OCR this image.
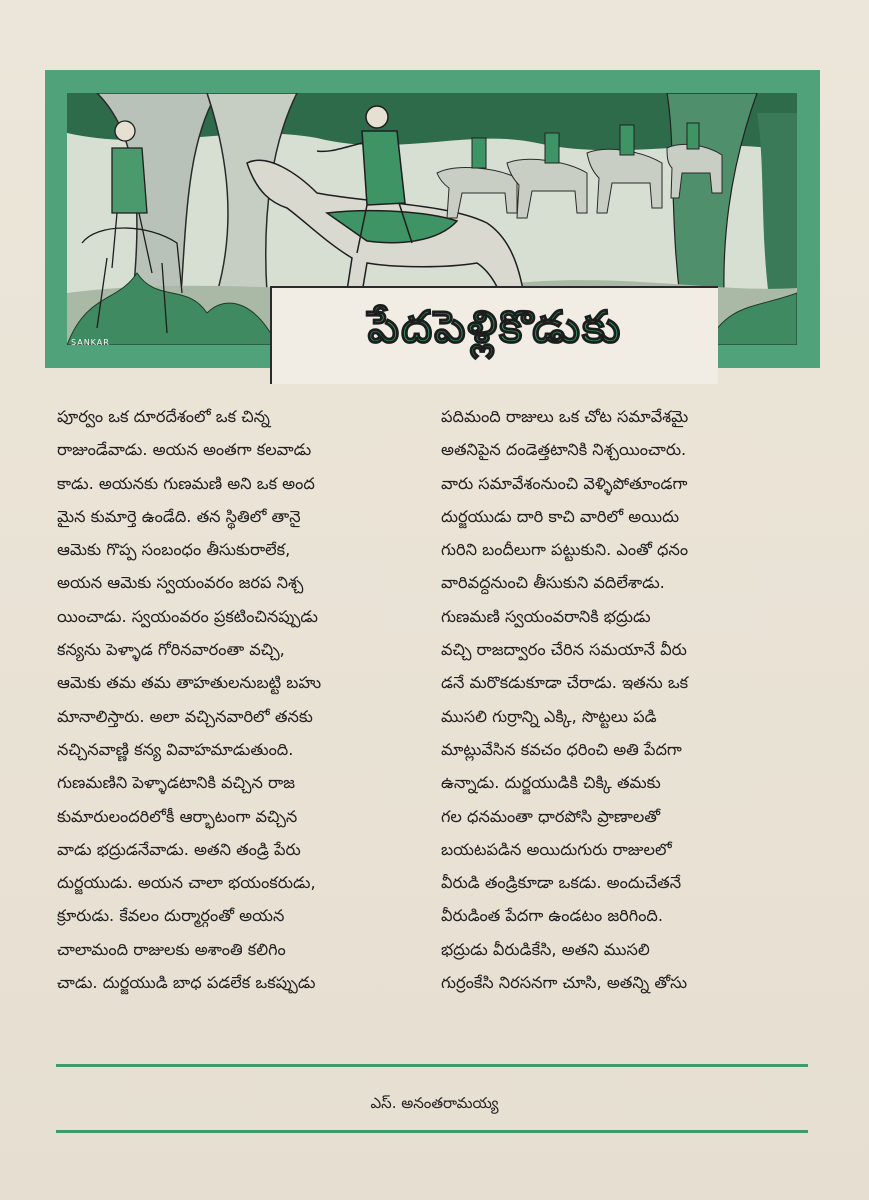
SANKAR	పేదపెళ్లికొడుకు

పూర్వం ఒక దూరదేశంలో ఒక చిన్న

రాజుండేవాడు. అయన అంతగా కలవాడు

కాడు. అయనకు గుణమణి అని ఒక అంద

మైన కుమార్తె ఉండేది. తన స్థితిలో తానై

ఆమెకు గొప్ప సంబంధం తీసుకురాలేక,

అయన ఆమెకు స్వయంవరం జరప నిశ్చ

యించాడు. స్వయంవరం ప్రకటించినప్పుడు

కన్యను పెళ్ళాడ గోరినవారంతా వచ్చి,

ఆమెకు తమ తమ తాహతులనుబట్టి బహు

మానాలిస్తారు. అలా వచ్చినవారిలో తనకు

నచ్చినవాణ్ణి కన్య వివాహమాడుతుంది.

గుణమణిని పెళ్ళాడటానికి వచ్చిన రాజ

కుమారులందరిలోకీ ఆర్భాటంగా వచ్చిన

వాడు భద్రుడనేవాడు. అతని తండ్రి పేరు

దుర్జయుడు. అయన చాలా భయంకరుడు,

క్రూరుడు. కేవలం దుర్మార్గంతో అయన

చాలామంది రాజులకు అశాంతి కలిగిం

చాడు. దుర్జయుడి బాధ పడలేక ఒకప్పుడు

పదిమంది రాజులు ఒక చోట సమావేశమై

అతనిపైన దండెత్తటానికి నిశ్చయించారు.

వారు సమావేశంనుంచి వెళ్ళిపోతూండగా

దుర్జయుడు దారి కాచి వారిలో అయిదు

గురిని బందీలుగా పట్టుకుని. ఎంతో ధనం

వారివద్దనుంచి తీసుకుని వదిలేశాడు.

గుణమణి స్వయంవరానికి భద్రుడు

వచ్చి రాజద్వారం చేరిన సమయానే వీరు

డనే మరొకడుకూడా చేరాడు. ఇతను ఒక

ముసలి గుర్రాన్ని ఎక్కి, సొట్టలు పడి

మాట్లువేసిన కవచం ధరించి అతి పేదగా

ఉన్నాడు. దుర్జయుడికి చిక్కి తమకు

గల ధనమంతా ధారపోసి ప్రాణాలతో

బయటపడిన అయిదుగురు రాజులలో

వీరుడి తండ్రికూడా ఒకడు. అందుచేతనే

వీరుడింత పేదగా ఉండటం జరిగింది.

భద్రుడు వీరుడికేసి, అతని ముసలి

గుర్రంకేసి నిరసనగా చూసి, అతన్ని తోసు

ఎస్. అనంతరామయ్య
